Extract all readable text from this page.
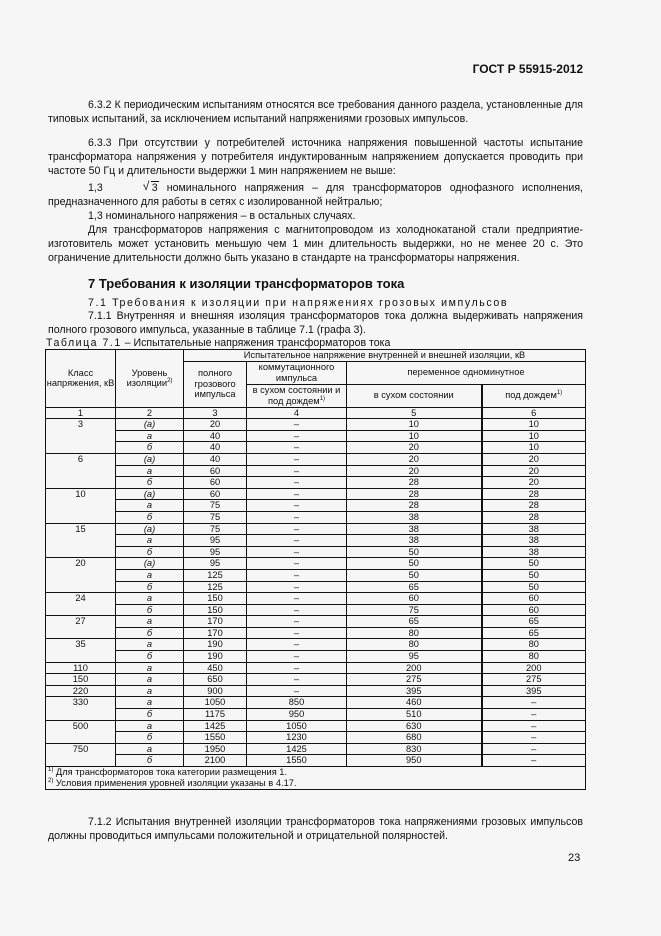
ГОСТ Р 55915-2012
6.3.2 К периодическим испытаниям относятся все требования данного раздела, установленные для типовых испытаний, за исключением испытаний напряжениями грозовых импульсов.
6.3.3 При отсутствии у потребителей источника напряжения повышенной частоты испытание трансформатора напряжения у потребителя индуктированным напряжением допускается проводить при частоте 50 Гц и длительности выдержки 1 мин напряжением не выше:
1,3	√ 3 номинального напряжения – для трансформаторов однофазного исполнения, предназначенного для работы в сетях с изолированной нейтралью;
1,3 номинального напряжения – в остальных случаях.
Для трансформаторов напряжения с магнитопроводом из холоднокатаной стали предприятие-изготовитель может установить меньшую чем 1 мин длительность выдержки, но не менее 20 с. Это ограничение длительности должно быть указано в стандарте на трансформаторы напряжения.
7 Требования к изоляции трансформаторов тока
7.1 Требования к изоляции при напряжениях грозовых импульсов
7.1.1 Внутренняя и внешняя изоляция трансформаторов тока должна выдерживать напряжения полного грозового импульса, указанные в таблице 7.1 (графа 3).
Таблица 7.1 – Испытательные напряжения трансформаторов тока
Класс напряжения, кВ	Уровень изоляции$^{2)}$	Испытательное напряжение внутренней и внешней изоляции, кВ			
		полного грозового импульса	коммутационного импульса	переменное одноминутное	
			в сухом состоянии и под дождем$^{1)}$	в сухом состоянии	под дождем$^{1)}$
1	2	3	4	5	6
3	(а)	20	–	10	10
	а	40	–	10	10
	б	40	–	20	10
6	(а)	40	–	20	20
	а	60	–	20	20
	б	60	–	28	20
10	(а)	60	–	28	28
	а	75	–	28	28
	б	75	–	38	28
15	(а)	75	–	38	38
	а	95	–	38	38
	б	95	–	50	38
20	(а)	95	–	50	50
	а	125	–	50	50
	б	125	–	65	50
24	а	150	–	60	60
	б	150	–	75	60
27	а	170	–	65	65
	б	170	–	80	65
35	а	190	–	80	80
	б	190	–	95	80
110	а	450	–	200	200
150	а	650	–	275	275
220	а	900	–	395	395
330	а	1050	850	460	–
	б	1175	950	510	–
500	а	1425	1050	630	–
	б	1550	1230	680	–
750	а	1950	1425	830	–
	б	2100	1550	950	–

$^{1)}$ Для трансформаторов тока категории размещения 1.
$^{2)}$ Условия применения уровней изоляции указаны в 4.17.					
7.1.2 Испытания внутренней изоляции трансформаторов тока напряжениями грозовых импульсов должны проводиться импульсами положительной и отрицательной полярностей.
23
